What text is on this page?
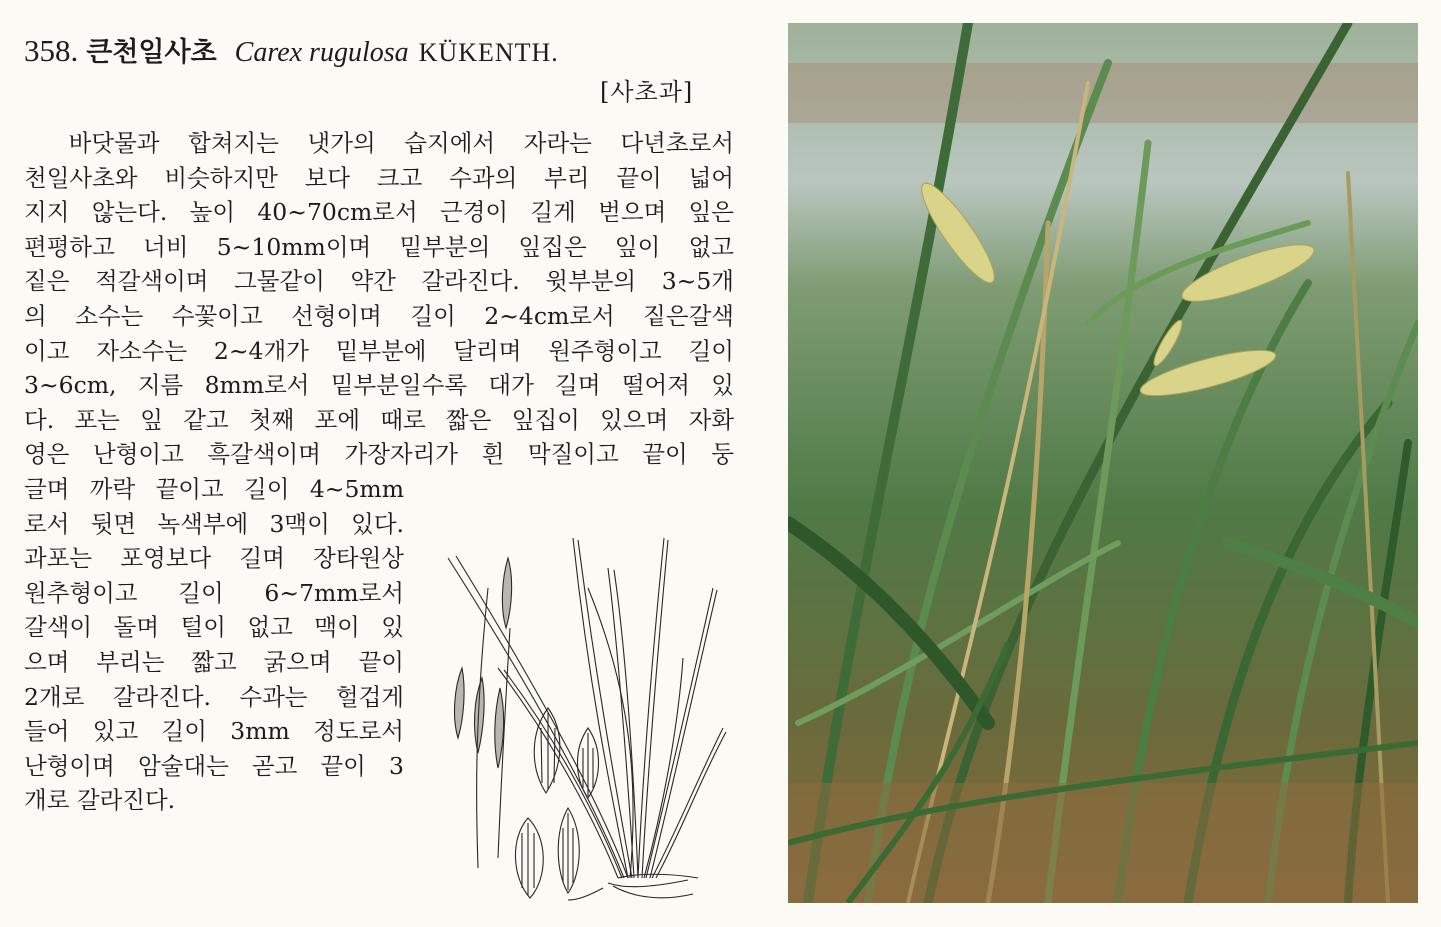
358. 큰천일사초 Carex rugulosa KÜKENTH.
[사초과]
　바닷물과 합쳐지는 냇가의 습지에서 자라는 다년초로서
천일사초와 비슷하지만 보다 크고 수과의 부리 끝이 넓어
지지 않는다. 높이 40~70cm로서 근경이 길게 벋으며 잎은
편평하고 너비 5~10mm이며 밑부분의 잎집은 잎이 없고
짙은 적갈색이며 그물같이 약간 갈라진다. 윗부분의 3~5개
의 소수는 수꽃이고 선형이며 길이 2~4cm로서 짙은갈색
이고 자소수는 2~4개가 밑부분에 달리며 원주형이고 길이
3~6cm, 지름 8mm로서 밑부분일수록 대가 길며 떨어져 있
다. 포는 잎 같고 첫째 포에 때로 짧은 잎집이 있으며 자화
영은 난형이고 흑갈색이며 가장자리가 흰 막질이고 끝이 둥
글며 까락 끝이고 길이 4~5mm
로서 뒷면 녹색부에 3맥이 있다.
과포는 포영보다 길며 장타원상
원추형이고 길이 6~7mm로서
갈색이 돌며 털이 없고 맥이 있
으며 부리는 짧고 굵으며 끝이
2개로 갈라진다. 수과는 헐겁게
들어 있고 길이 3mm 정도로서
난형이며 암술대는 곧고 끝이 3
개로 갈라진다.
